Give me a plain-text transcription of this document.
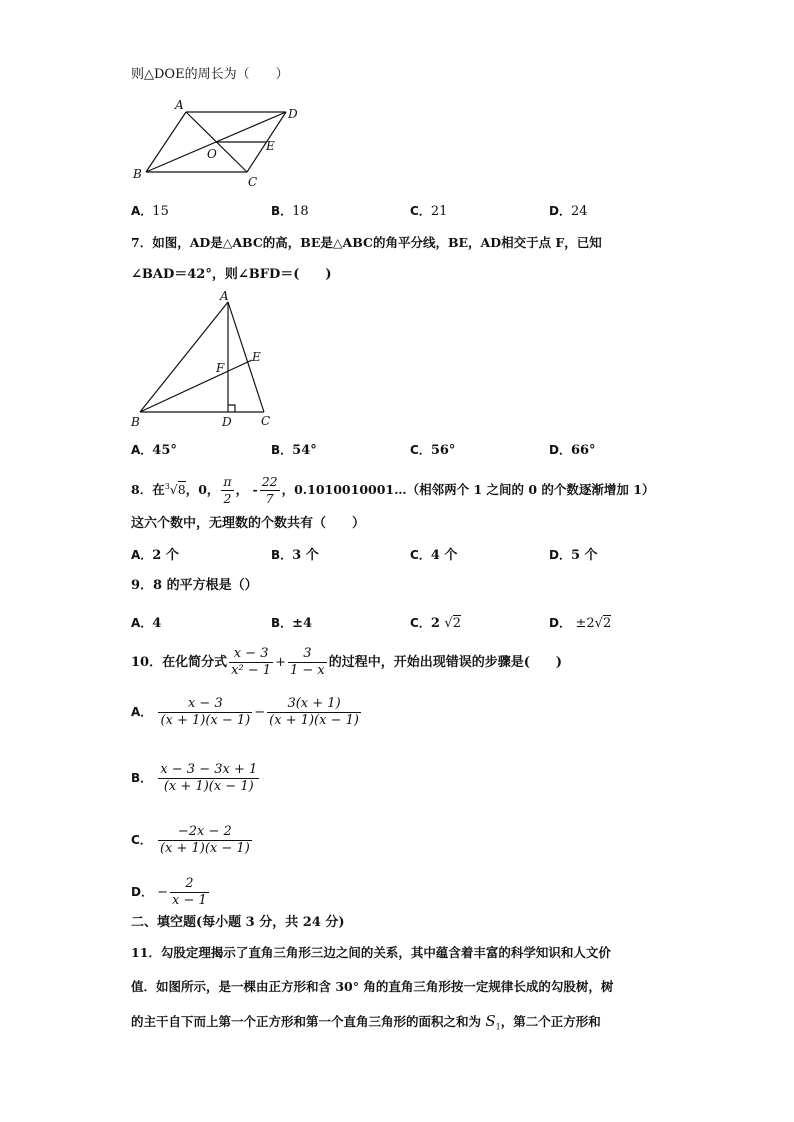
则△DOE的周长为（　　）
A
D
B
C
O
E
A．15	B．18	C．21	D．24
7．如图，AD是△ABC的高，BE是△ABC的角平分线，BE，AD相交于点 F，已知
∠BAD＝42°，则∠BFD＝(　　)
A
B	D C
E
F
A．45°	B．54°	C．56°	D．66°
8．在$^3$√8，0， $\frac{\pi}{2}$ ， - $\frac{22}{7}$ ，0.1010010001…（相邻两个 1 之间的 0 的个数逐渐增加 1）
这六个数中，无理数的个数共有（　　）
A．2 个	B．3 个	C．4 个	D．5 个
9．8 的平方根是（）
A．4	B．±4	C．2 √2	D． ±2√2
10．在化简分式 $\frac{x - 3}{\text{x² − 1}} + \frac{3}{1 - x}$ 的过程中，开始出现错误的步骤是(　　)
A． $\frac{x - 3}{(x + 1)(x - 1)} - \frac{3(x + 1)}{(x + 1)(x - 1)}$
B． $\frac{x - 3 - 3x + 1}{(x + 1)(x - 1)}$
C． $\frac{-2x - 2}{(x + 1)(x - 1)}$
D． − $\frac{2}{x - 1}$
二、填空题(每小题 3 分，共 24 分)
11．勾股定理揭示了直角三角形三边之间的关系，其中蕴含着丰富的科学知识和人文价
值．如图所示，是一棵由正方形和含 30° 角的直角三角形按一定规律长成的勾股树，树
的主干自下而上第一个正方形和第一个直角三角形的面积之和为 $S_1$，第二个正方形和
